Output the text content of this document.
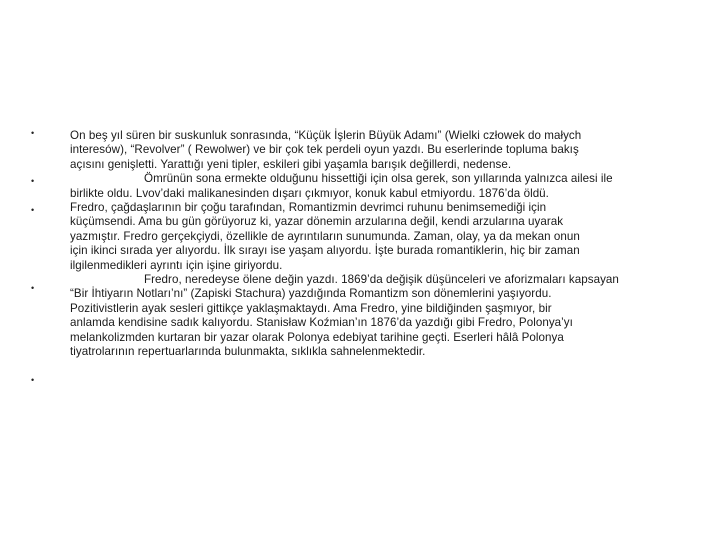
•
•
•
•
•
On beş yıl süren bir suskunluk sonrasında, “Küçük İşlerin Büyük Adamı” (Wielki człowek do małych
interesów), “Revolver” ( Rewolwer) ve bir çok tek perdeli oyun yazdı. Bu eserlerinde topluma bakış
açısını genişletti. Yarattığı yeni tipler, eskileri gibi yaşamla barışık değillerdi, nedense.
Ömrünün sona ermekte olduğunu hissettiği için olsa gerek, son yıllarında yalnızca ailesi ile
birlikte oldu. Lvov’daki malikanesinden dışarı çıkmıyor, konuk kabul etmiyordu. 1876’da öldü.
Fredro, çağdaşlarının bir çoğu tarafından, Romantizmin devrimci ruhunu benimsemediği için
küçümsendi. Ama bu gün görüyoruz ki, yazar dönemin arzularına değil, kendi arzularına uyarak
yazmıştır. Fredro gerçekçiydi, özellikle de ayrıntıların sunumunda. Zaman, olay, ya da mekan onun
için ikinci sırada yer alıyordu. İlk sırayı ise yaşam alıyordu. İşte burada romantiklerin, hiç bir zaman
ilgilenmedikleri ayrıntı için işine giriyordu.
Fredro, neredeyse ölene değin yazdı. 1869’da değişik düşünceleri ve aforizmaları kapsayan
“Bir İhtiyarın Notları’nı” (Zapiski Stachura) yazdığında Romantizm son dönemlerini yaşıyordu.
Pozitivistlerin ayak sesleri gittikçe yaklaşmaktaydı. Ama Fredro, yine bildiğinden şaşmıyor, bir
anlamda kendisine sadık kalıyordu. Stanisław Koźmian’ın 1876’da yazdığı gibi Fredro, Polonya’yı
melankolizmden kurtaran bir yazar olarak Polonya edebiyat tarihine geçti. Eserleri hâlâ Polonya
tiyatrolarının repertuarlarında bulunmakta, sıklıkla sahnelenmektedir.
